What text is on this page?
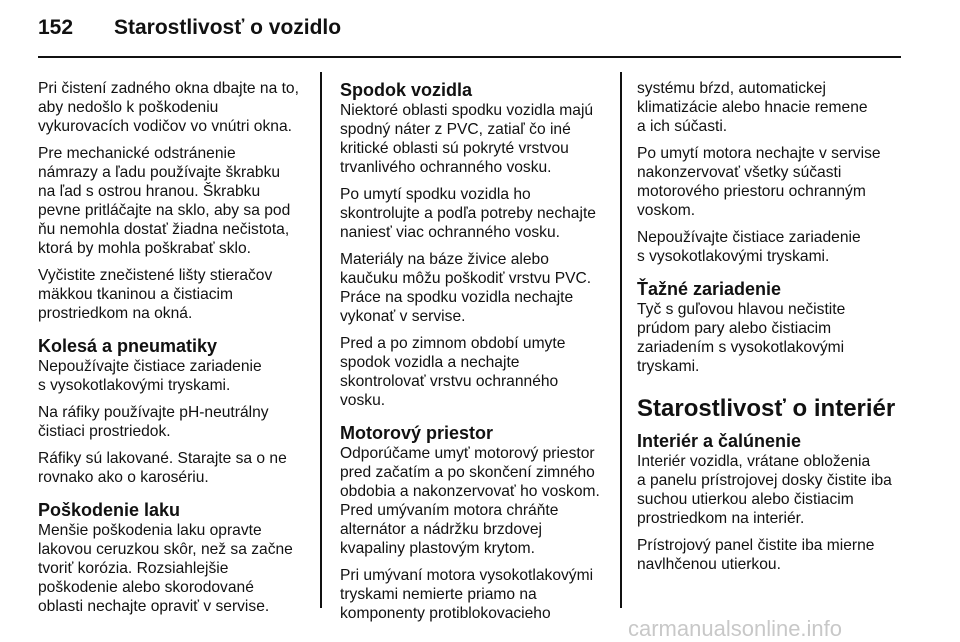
152 Starostlivosť o vozidlo

Pri čistení zadného okna dbajte na to,
aby nedošlo k poškodeniu
vykurovacích vodičov vo vnútri okna.

Pre mechanické odstránenie
námrazy a ľadu používajte škrabku
na ľad s ostrou hranou. Škrabku
pevne pritláčajte na sklo, aby sa pod
ňu nemohla dostať žiadna nečistota,
ktorá by mohla poškrabať sklo.

Vyčistite znečistené lišty stieračov
mäkkou tkaninou a čistiacim
prostriedkom na okná.

Kolesá a pneumatiky

Nepoužívajte čistiace zariadenie
s vysokotlakovými tryskami.

Na ráfiky používajte pH-neutrálny
čistiaci prostriedok.

Ráfiky sú lakované. Starajte sa o ne
rovnako ako o karosériu.

Poškodenie laku

Menšie poškodenia laku opravte
lakovou ceruzkou skôr, než sa začne
tvoriť korózia. Rozsiahlejšie
poškodenie alebo skorodované
oblasti nechajte opraviť v servise.

Spodok vozidla

Niektoré oblasti spodku vozidla majú
spodný náter z PVC, zatiaľ čo iné
kritické oblasti sú pokryté vrstvou
trvanlivého ochranného vosku.

Po umytí spodku vozidla ho
skontrolujte a podľa potreby nechajte
naniesť viac ochranného vosku.

Materiály na báze živice alebo
kaučuku môžu poškodiť vrstvu PVC.
Práce na spodku vozidla nechajte
vykonať v servise.

Pred a po zimnom období umyte
spodok vozidla a nechajte
skontrolovať vrstvu ochranného
vosku.

Motorový priestor

Odporúčame umyť motorový priestor
pred začatím a po skončení zimného
obdobia a nakonzervovať ho voskom.
Pred umývaním motora chráňte
alternátor a nádržku brzdovej
kvapaliny plastovým krytom.

Pri umývaní motora vysokotlakovými
tryskami nemierte priamo na
komponenty protiblokovacieho

systému bŕzd, automatickej
klimatizácie alebo hnacie remene
a ich súčasti.

Po umytí motora nechajte v servise
nakonzervovať všetky súčasti
motorového priestoru ochranným
voskom.

Nepoužívajte čistiace zariadenie
s vysokotlakovými tryskami.

Ťažné zariadenie

Tyč s guľovou hlavou nečistite
prúdom pary alebo čistiacim
zariadením s vysokotlakovými
tryskami.

Starostlivosť o interiér
Interiér a čalúnenie

Interiér vozidla, vrátane obloženia
a panelu prístrojovej dosky čistite iba
suchou utierkou alebo čistiacim
prostriedkom na interiér.

Prístrojový panel čistite iba mierne
navlhčenou utierkou.

carmanualsonline.info
